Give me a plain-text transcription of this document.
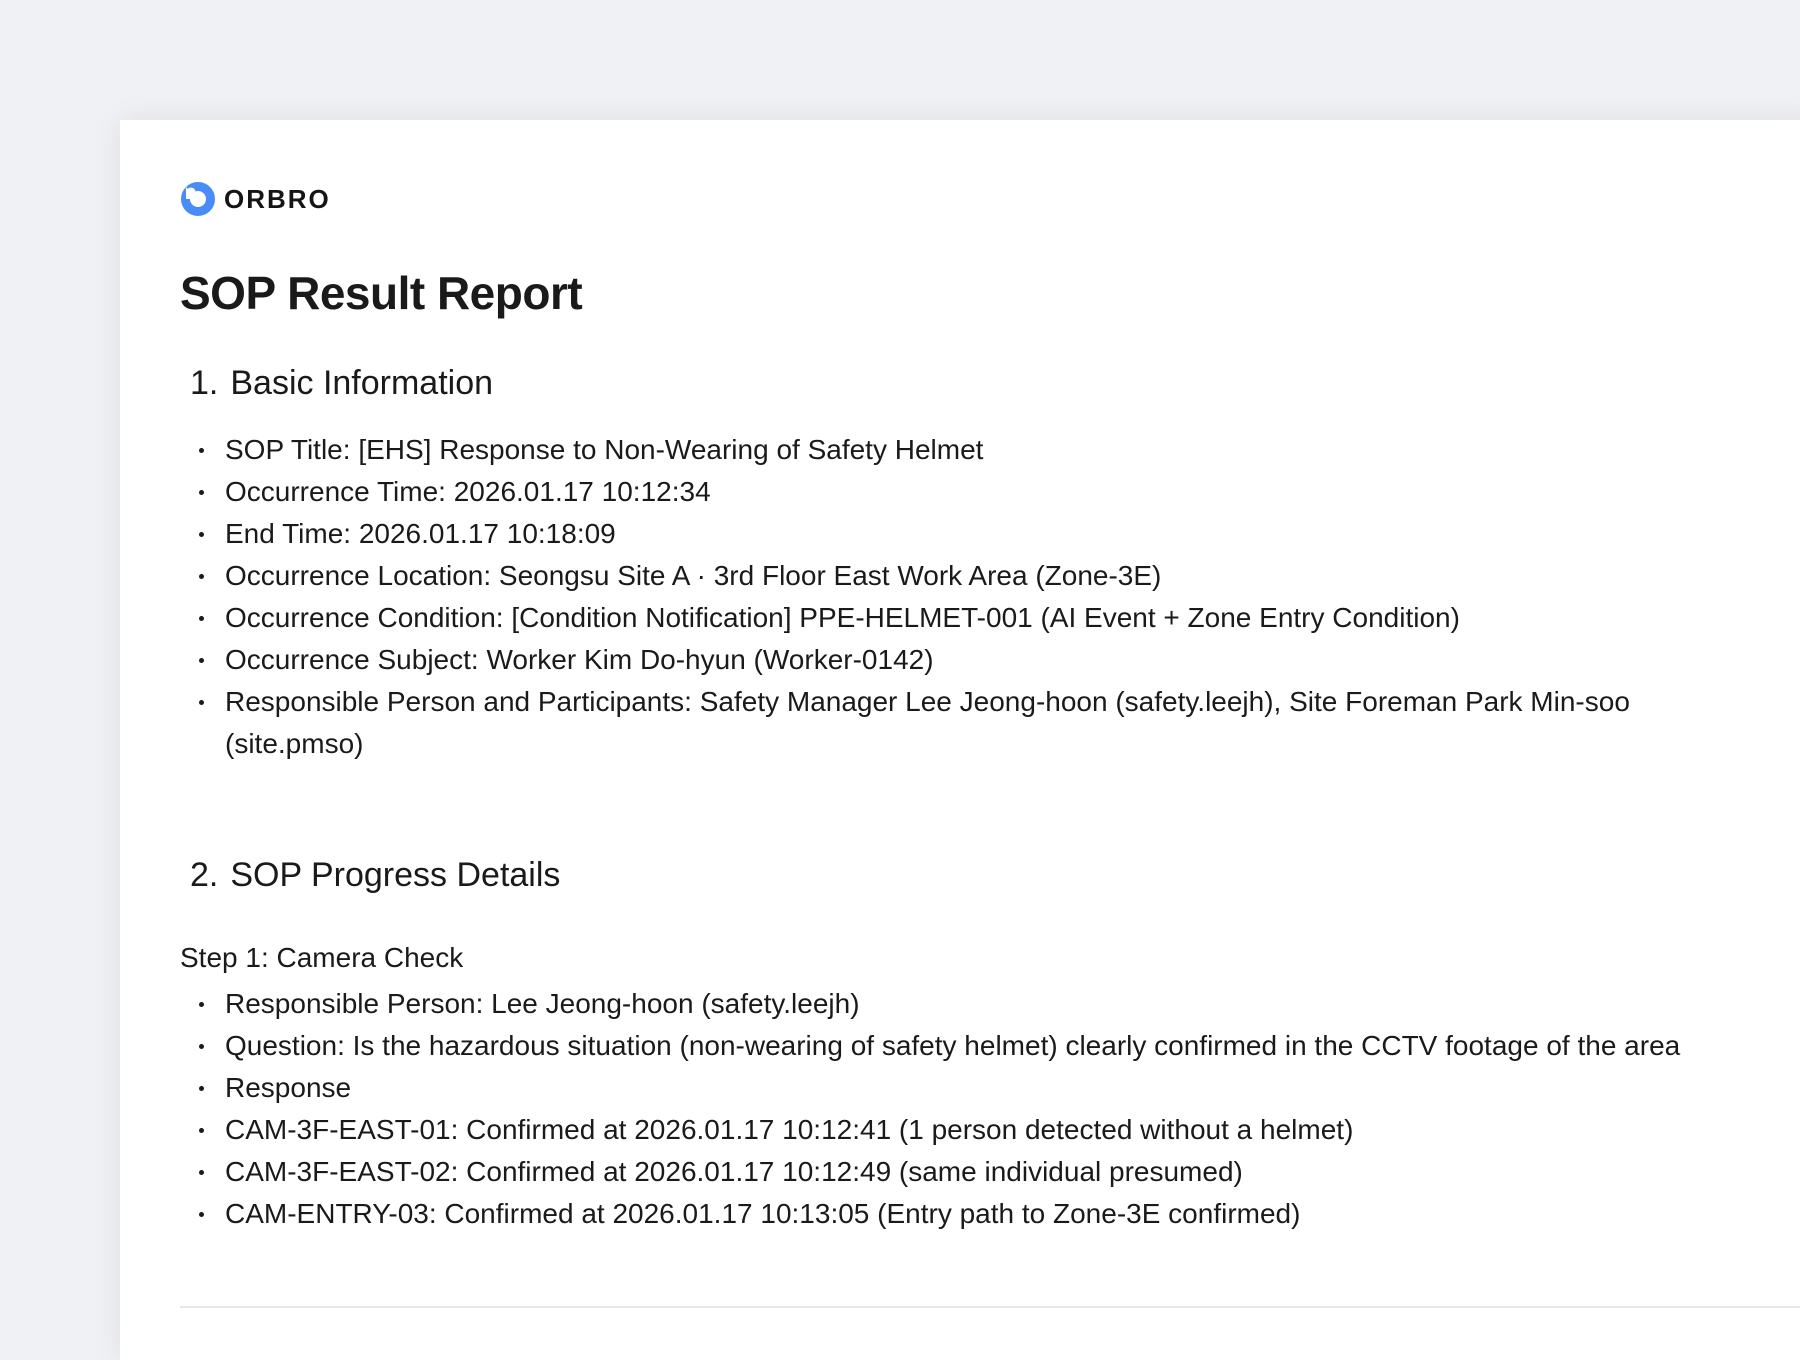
ORBRO
SOP Result Report
1. Basic Information
SOP Title: [EHS] Response to Non-Wearing of Safety Helmet
Occurrence Time: 2026.01.17 10:12:34
End Time: 2026.01.17 10:18:09
Occurrence Location: Seongsu Site A · 3rd Floor East Work Area (Zone-3E)
Occurrence Condition: [Condition Notification] PPE-HELMET-001 (AI Event + Zone Entry Condition)
Occurrence Subject: Worker Kim Do-hyun (Worker-0142)
Responsible Person and Participants: Safety Manager Lee Jeong-hoon (safety.leejh), Site Foreman Park Min-soo
(site.pmso)
2. SOP Progress Details
Step 1: Camera Check
Responsible Person: Lee Jeong-hoon (safety.leejh)
Question: Is the hazardous situation (non-wearing of safety helmet) clearly confirmed in the CCTV footage of the area
Response
CAM-3F-EAST-01: Confirmed at 2026.01.17 10:12:41 (1 person detected without a helmet)
CAM-3F-EAST-02: Confirmed at 2026.01.17 10:12:49 (same individual presumed)
CAM-ENTRY-03: Confirmed at 2026.01.17 10:13:05 (Entry path to Zone-3E confirmed)
